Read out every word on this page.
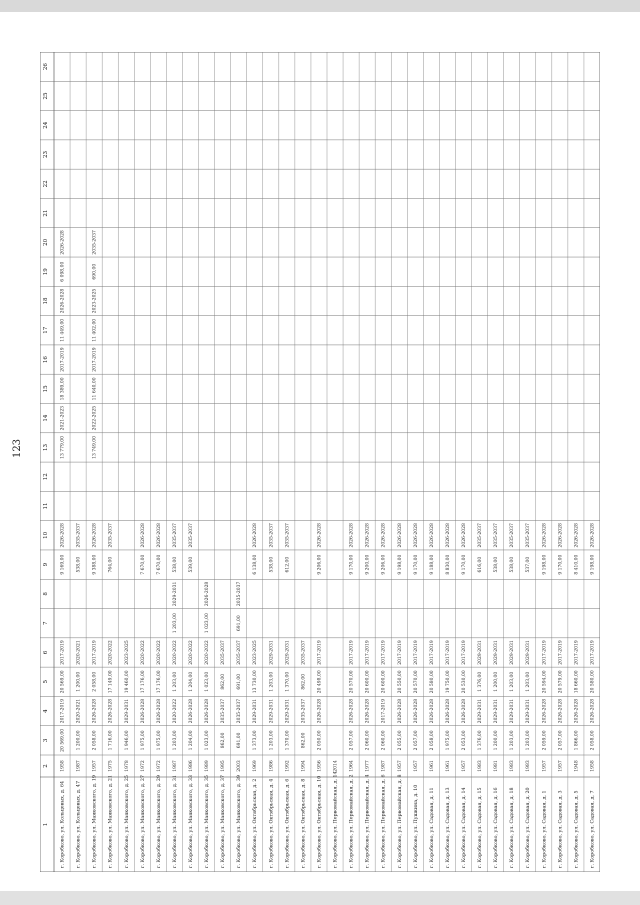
123
1
2
3
4
5
6
7
8
9
10
11
12
13
14
15
16
17
18
19
20
21
22
23
24
25
26
г. Коробково, ул. Кольцевых, д. 64
1958
20 569,00
2017-2019
20 569,00
2017-2019
9 169,00
2026-2028
13 779,00
2021-2023
18 389,00
2017-2019
11 449,00
2026-2028
6 098,00
2026-2028
г. Коробково, ул. Кольцевых, д. 47
1987
1 200,00
2020-2021
1 200,00
2020-2021
538,00
2035-2037
г. Коробково, ул. Маяковского, д. 19
1957
2 058,00
2026-2028
2 058,00
2017-2019
9 388,00
2026-2028
13 749,00
2022-2025
11 640,00
2017-2019
11 402,00
2023-2025
690,00
2035-2037
г. Коробково, ул. Маяковского, д. 21
1975
1 716,00
2026-2028
17 149,00
2020-2022
764,00
2035-2037
г. Коробково, ул. Маяковского, д. 25
1978
1 946,00
2029-2031
19 460,00
2023-2025
г. Коробково, ул. Маяковского, д. 27
1972
1 975,00
2026-2028
17 176,00
2020-2022
7 670,00
2026-2028
г. Коробково, ул. Маяковского, д. 29
1972
1 975,00
2026-2028
17 176,00
2020-2022
7 670,00
2026-2028
г. Коробково, ул. Маяковского, д. 31
1987
1 203,00
2020-2022
1 203,00
2020-2022
1 203,00
2029-2031
538,00
2035-2037
г. Коробково, ул. Маяковского, д. 33
1986
1 204,00
2026-2028
1 204,00
2020-2022
539,00
2035-2037
г. Коробково, ул. Маяковского, д. 35
1989
1 023,00
2026-2028
1 023,00
2020-2022
1 023,00
2026-2028
г. Коробково, ул. Маяковского, д. 37
1995
862,00
2035-2037
862,00
2035-2037
г. Коробково, ул. Маяковского, д. 39
2003
691,00
2035-2037
691,00
2035-2037
691,00
2035-2037
г. Коробково, ул. Октябрьская, д. 2
1969
1 373,00
2029-2031
13 730,00
2023-2025
6 138,00
2026-2028
г. Коробково, ул. Октябрьская, д. 4
1986
1 203,00
2029-2031
1 203,00
2029-2031
538,00
2035-2037
г. Коробково, ул. Октябрьская, д. 6
1992
1 370,00
2029-2031
1 370,00
2029-2031
612,00
2035-2037
г. Коробково, ул. Октябрьская, д. 8
1994
862,00
2035-2037
862,00
2035-2037
г. Коробково, ул. Октябрьская, д. 10
1956
2 050,00
2026-2028
20 498,00
2017-2019
9 206,00
2026-2028
г. Коробково, ул. Первомайская, д. 14
2014
г. Коробково, ул. Первомайская, д. 2
1964
2 057,00
2026-2028
20 570,00
2017-2019
9 170,00
2026-2028
г. Коробково, ул. Первомайская, д. 4
1977
2 060,00
2026-2028
20 600,00
2017-2019
9 200,00
2026-2028
г. Коробково, ул. Первомайская, д. 6
1987
2 060,00
2017-2019
20 600,00
2017-2019
9 206,00
2026-2028
г. Коробково, ул. Первомайская, д. 8
1957
2 055,00
2026-2028
20 550,00
2017-2019
9 198,00
2026-2028
г. Коробково, ул. Пушкина, д. 10
1957
2 057,00
2026-2028
20 570,00
2017-2019
9 170,00
2026-2028
г. Коробково, ул. Садовая, д. 11
1961
2 058,00
2026-2028
20 580,00
2017-2019
9 188,00
2026-2028
г. Коробково, ул. Садовая, д. 13
1961
1 975,00
2026-2028
19 750,00
2017-2019
8 830,00
2026-2028
г. Коробково, ул. Садовая, д. 14
1957
2 053,00
2026-2028
20 530,00
2017-2019
9 170,00
2026-2028
г. Коробково, ул. Садовая, д. 15
1983
1 376,00
2029-2031
1 376,00
2029-2031
616,00
2035-2037
г. Коробково, ул. Садовая, д. 16
1981
1 200,00
2029-2031
1 200,00
2029-2031
538,00
2035-2037
г. Коробково, ул. Садовая, д. 18
1983
1 203,00
2029-2031
1 203,00
2029-2031
538,00
2035-2037
г. Коробково, ул. Садовая, д. 20
1983
1 203,00
2029-2031
1 203,00
2029-2031
537,00
2035-2037
г. Коробково, ул. Садовая, д. 1
1957
2 059,00
2026-2028
20 594,00
2017-2019
9 198,00
2026-2028
г. Коробково, ул. Садовая, д. 3
1957
2 057,00
2026-2028
20 579,00
2017-2019
9 170,00
2026-2028
г. Коробково, ул. Садовая, д. 5
1948
1 866,00
2026-2028
18 660,00
2017-2019
8 410,00
2026-2028
г. Коробково, ул. Садовая, д. 7
1958
2 058,00
2026-2028
20 580,00
2017-2019
9 198,00
2026-2028
